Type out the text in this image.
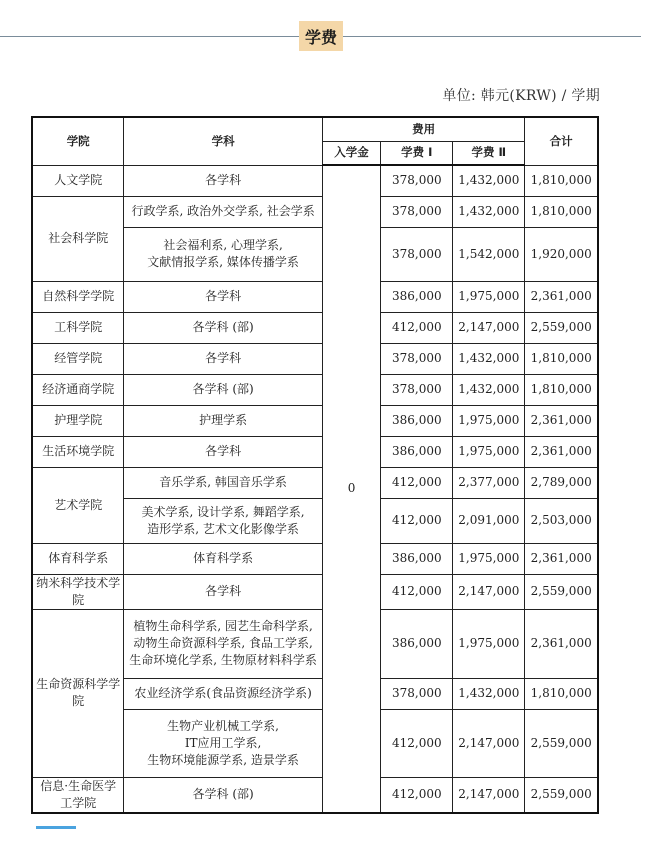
学费
单位: 韩元(KRW) / 学期
学院	学科	费用			合计
		入学金	学费 Ⅰ	学费 Ⅱ	
人文学院	各学科	0	378,000	1,432,000	1,810,000
社会科学院	行政学系, 政治外交学系, 社会学系		378,000	1,432,000	1,810,000
	社会福利系, 心理学系,
文献情报学系, 媒体传播学系		378,000	1,542,000	1,920,000
自然科学学院	各学科		386,000	1,975,000	2,361,000
工科学院	各学科 (部)		412,000	2,147,000	2,559,000
经管学院	各学科		378,000	1,432,000	1,810,000
经济通商学院	各学科 (部)		378,000	1,432,000	1,810,000
护理学院	护理学系		386,000	1,975,000	2,361,000
生活环境学院	各学科		386,000	1,975,000	2,361,000
艺术学院	音乐学系, 韩国音乐学系		412,000	2,377,000	2,789,000
	美术学系, 设计学系, 舞蹈学系,
造形学系, 艺术文化影像学系		412,000	2,091,000	2,503,000
体育科学系	体育科学系		386,000	1,975,000	2,361,000
纳米科学技术学院	各学科		412,000	2,147,000	2,559,000
生命资源科学学院	植物生命科学系, 园艺生命科学系,
动物生命资源科学系, 食品工学系,
生命环境化学系, 生物原材料科学系		386,000	1,975,000	2,361,000
	农业经济学系(食品资源经济学系)		378,000	1,432,000	1,810,000
	生物产业机械工学系,
IT应用工学系,
生物环境能源学系, 造景学系		412,000	2,147,000	2,559,000
信息·生命医学工学院	各学科 (部)		412,000	2,147,000	2,559,000
